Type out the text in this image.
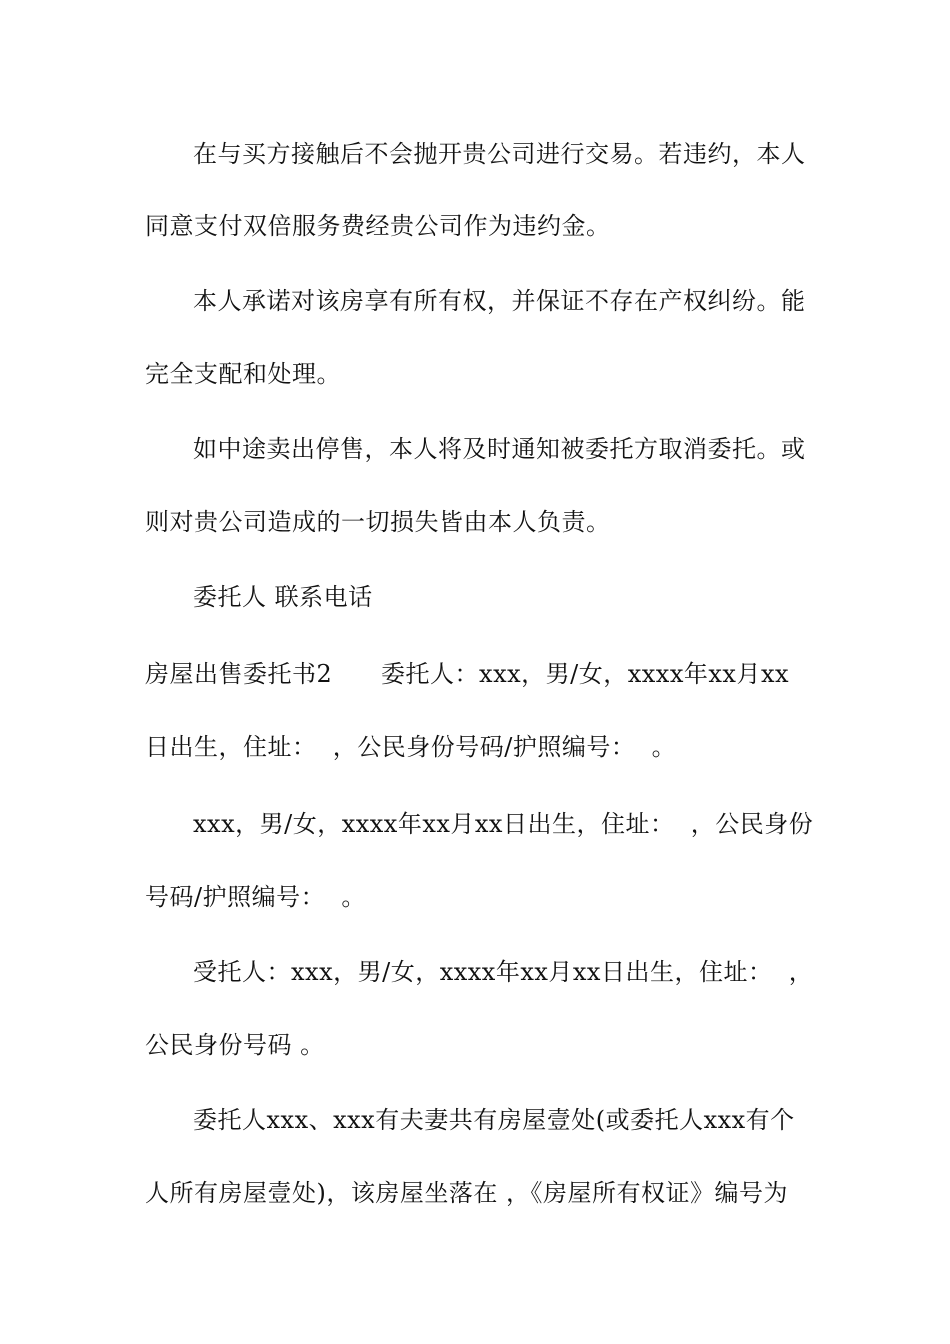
在与买方接触后不会抛开贵公司进行交易。若违约，本人
同意支付双倍服务费经贵公司作为违约金。
本人承诺对该房享有所有权，并保证不存在产权纠纷。能
完全支配和处理。
如中途卖出停售，本人将及时通知被委托方取消委托。或
则对贵公司造成的一切损失皆由本人负责。
委托人 联系电话
房屋出售委托书2      委托人：xxx，男/女，xxxx年xx月xx
日出生，住址：  ，公民身份号码/护照编号：  。
xxx，男/女，xxxx年xx月xx日出生，住址：  ，公民身份
号码/护照编号：  。
受托人：xxx，男/女，xxxx年xx月xx日出生，住址：  ，
公民身份号码 。
委托人xxx、xxx有夫妻共有房屋壹处(或委托人xxx有个
人所有房屋壹处)，该房屋坐落在 ，《房屋所有权证》编号为
